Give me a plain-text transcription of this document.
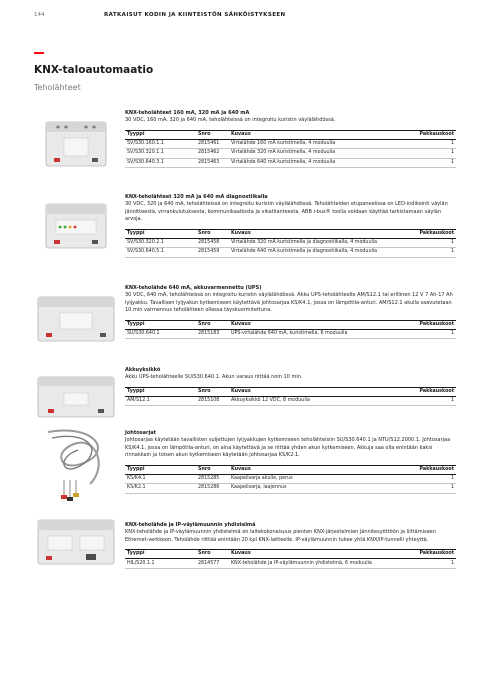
144	RATKAISUT KODIN JA KIINTEISTÖN SÄHKÖISTYKSEEN
KNX-taloautomaatio
Teholähteet
KNX-teholähteet 160 mA, 320 mA ja 640 mA
30 VDC, 160 mA, 320 ja 640 mA, teholähteissä on integroitu kuristin väylälähdössä.
Tyyppi	Snro	Kuvaus	Pakkauskoot
SV/S30.160.1.1	2815461	Virtalähde 160 mA kuristimella, 4 moduulia	1
SV/S30.320.1.1	2815462	Virtalähde 320 mA kuristimella, 4 moduulia	1
SV/S30.640.3.1	2815463	Virtalähde 640 mA kuristimella, 4 moduulia	1
KNX-teholähteet 320 mA ja 640 mA diagnostiikalla
30 VDC, 320 ja 640 mA, teholähteissä on integroitu kuristin väylälähdössä. Teholähteiden etupaneelissa on LED-indikointi väylän jännitteestä, virrankulutuksesta, kommunikaatiosta ja vikatilanteesta. ABB i-bus® toolla voidaan käyttää tarkistamaan väylän arvoja.
Tyyppi	Snro	Kuvaus	Pakkauskoot
SV/S30.320.2.1	2815458	Virtalähde 320 mA kuristimella ja diagnostiikalla, 4 moduulia	1
SV/S30.640.5.1	2815459	Virtalähde 640 mA kuristimella ja diagnostiikalla, 4 moduulia	1
KNX-teholähde 640 mA, akkuvarmennettu (UPS)
30 VDC, 640 mA, teholähteissä on integroitu kuristin väylälähdössä. Akku UPS-teholähteelle AM/S12.1 tai erillinen 12 V 7 Ah-17 Ah lyijyakku. Tavallisen lyijyakun kytkemiseen käytettävä johtosarjaa KS/K4.1, jossa on lämpötila-anturi. AM/S12.1 akulla saavutetaan 10 min varmennus teholähteen ollessa täyskuormitettuna.
Tyyppi	Snro	Kuvaus	Pakkauskoot
SU/S30.640.1	2815183	UPS-virtalähde 640 mA, kuristimella, 6 moduulia	1
Akkuyksikkö
Akku UPS-teholähteelle SU/S30.640.1. Akun varaus riittää noin 10 min.
Tyyppi	Snro	Kuvaus	Pakkauskoot
AM/S12.1	2815108	Akkuyksikkö 12 VDC, 8 moduulia	1
Johtosarjat
Johtosarjaa käytetään tavallisten suljettujen lyijyakkujen kytkemiseen teholähteisiin SU/S30.640.1 ja NTU/S12.2000.1. Johtosarjaa KS/K4.1, jossa on lämpötila-anturi, on aina käytettävä ja se riittää yhden akun kytkemiseen. Akkuja saa olla enintään kaksi rinnakkain ja toisen akun kytkemiseen käytetään johtosarjaa KS/K2.1.
Tyyppi	Snro	Kuvaus	Pakkauskoot
KS/K4.1	2815285	Kaapelisarja akulle, perus	1
KS/K2.1	2815286	Kaapelisarja, laajennus	1
KNX-teholähde ja IP-väylämuunnin yhdistelmä
KNX-teholähde ja IP-väylämuunnin yhdistelmä on laitekokonaisuus pienten KNX-järjestelmien jännitesyöttöön ja liittämiseen Ethernet-verkkoon. Teholähde riittää enintään 20 kpl KNX-laitteelle. IP-väylämuunnin tukee yhtä KNX/IP-tunnelli yhteyttä.
Tyyppi	Snro	Kuvaus	Pakkauskoot
HIL/S20.1.1	2814577	KNX-teholähde ja IP-väylämuunnin yhdistelmä, 6 moduulia	1
